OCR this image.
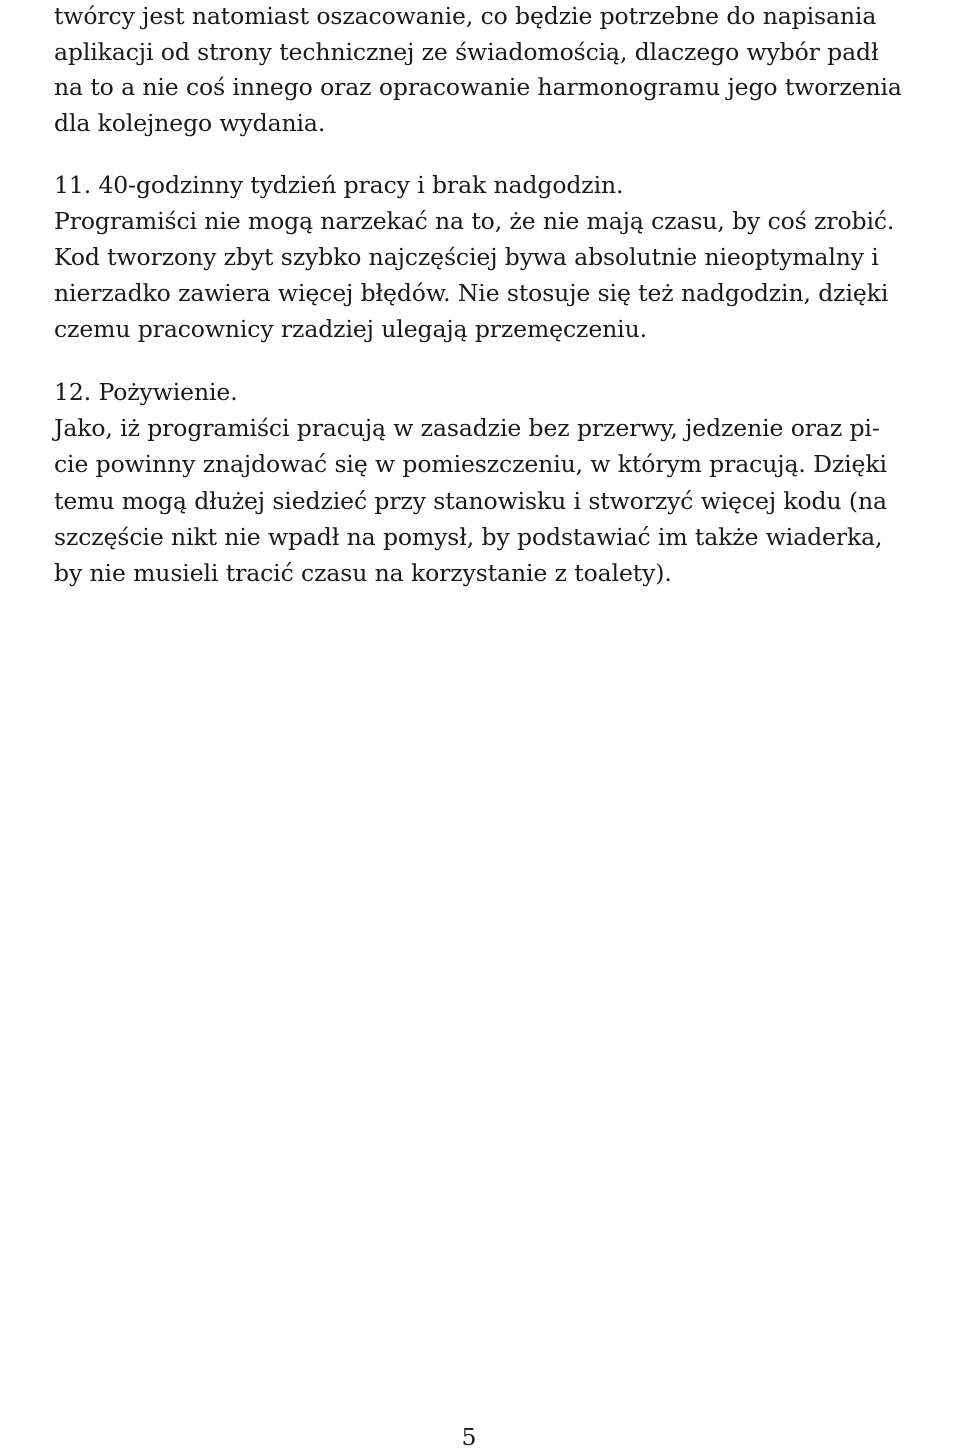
twórcy jest natomiast oszacowanie, co będzie potrzebne do napisania
aplikacji od strony technicznej ze świadomością, dlaczego wybór padł
na to a nie coś innego oraz opracowanie harmonogramu jego tworzenia
dla kolejnego wydania.
11. 40-godzinny tydzień pracy i brak nadgodzin.
Programiści nie mogą narzekać na to, że nie mają czasu, by coś zrobić.
Kod tworzony zbyt szybko najczęściej bywa absolutnie nieoptymalny i
nierzadko zawiera więcej błędów. Nie stosuje się też nadgodzin, dzięki
czemu pracownicy rzadziej ulegają przemęczeniu.
12. Pożywienie.
Jako, iż programiści pracują w zasadzie bez przerwy, jedzenie oraz pi-
cie powinny znajdować się w pomieszczeniu, w którym pracują. Dzięki
temu mogą dłużej siedzieć przy stanowisku i stworzyć więcej kodu (na
szczęście nikt nie wpadł na pomysł, by podstawiać im także wiaderka,
by nie musieli tracić czasu na korzystanie z toalety).
5
